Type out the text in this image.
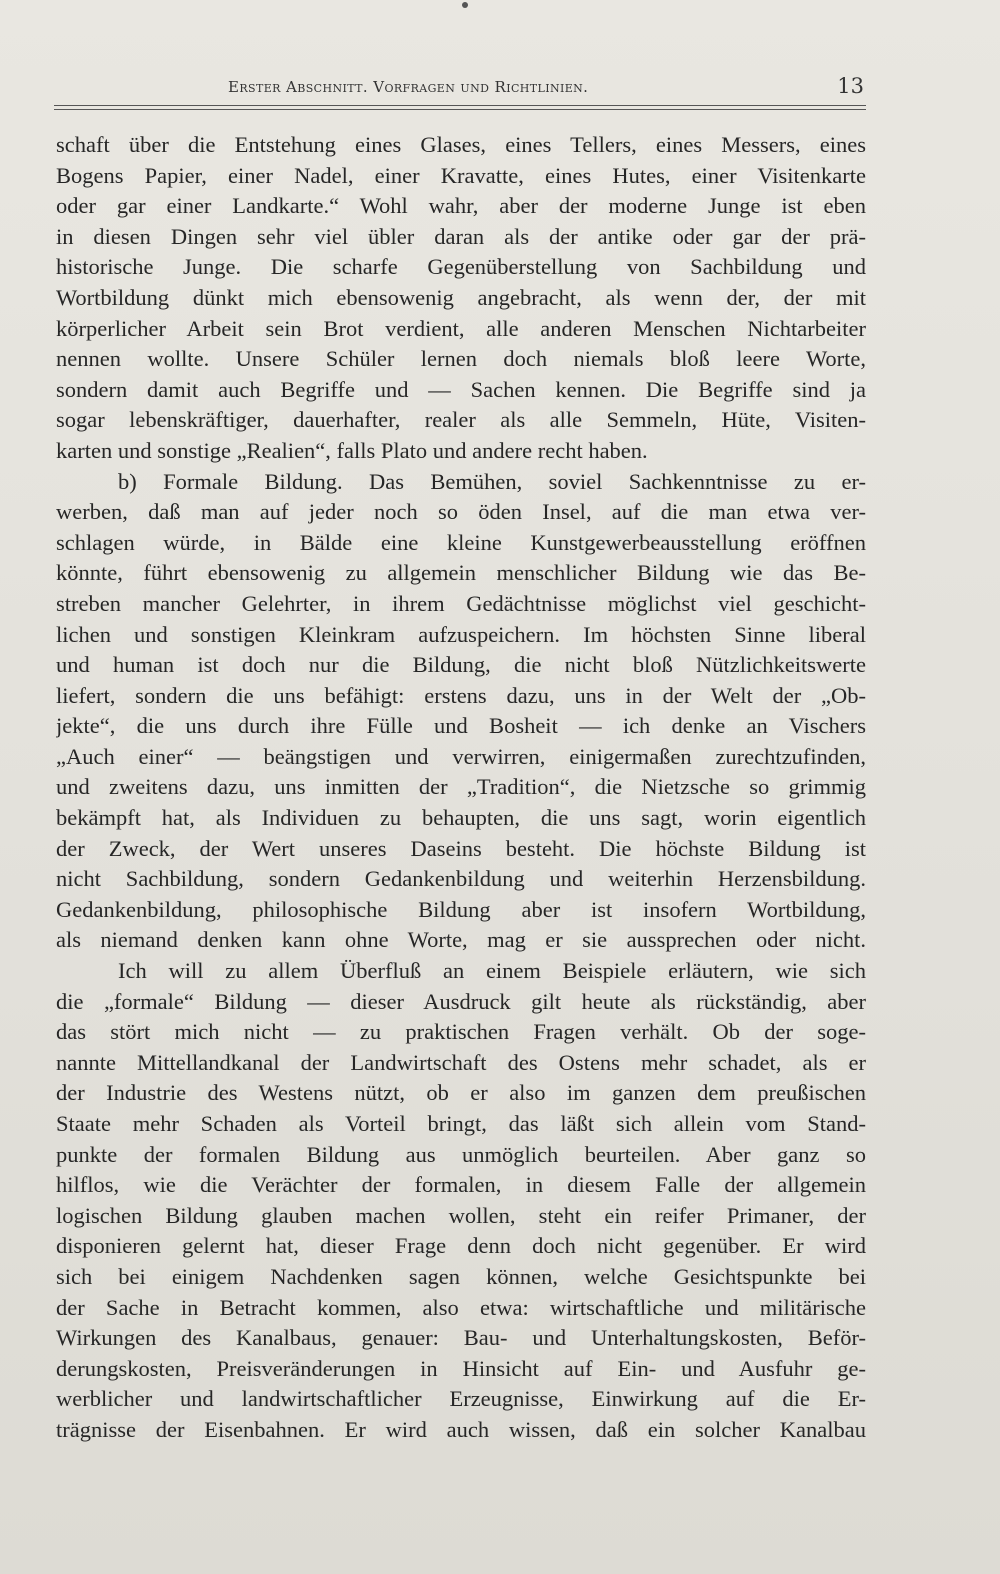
Erster Abschnitt. Vorfragen und Richtlinien.	13
schaft über die Entstehung eines Glases, eines Tellers, eines Messers, eines
Bogens Papier, einer Nadel, einer Kravatte, eines Hutes, einer Visitenkarte
oder gar einer Landkarte.“ Wohl wahr, aber der moderne Junge ist eben
in diesen Dingen sehr viel übler daran als der antike oder gar der prä-
historische Junge. Die scharfe Gegenüberstellung von Sachbildung und
Wortbildung dünkt mich ebensowenig angebracht, als wenn der, der mit
körperlicher Arbeit sein Brot verdient, alle anderen Menschen Nichtarbeiter
nennen wollte. Unsere Schüler lernen doch niemals bloß leere Worte,
sondern damit auch Begriffe und — Sachen kennen. Die Begriffe sind ja
sogar lebenskräftiger, dauerhafter, realer als alle Semmeln, Hüte, Visiten-
karten und sonstige „Realien“, falls Plato und andere recht haben.
b) Formale Bildung. Das Bemühen, soviel Sachkenntnisse zu er-
werben, daß man auf jeder noch so öden Insel, auf die man etwa ver-
schlagen würde, in Bälde eine kleine Kunstgewerbeausstellung eröffnen
könnte, führt ebensowenig zu allgemein menschlicher Bildung wie das Be-
streben mancher Gelehrter, in ihrem Gedächtnisse möglichst viel geschicht-
lichen und sonstigen Kleinkram aufzuspeichern. Im höchsten Sinne liberal
und human ist doch nur die Bildung, die nicht bloß Nützlichkeitswerte
liefert, sondern die uns befähigt: erstens dazu, uns in der Welt der „Ob-
jekte“, die uns durch ihre Fülle und Bosheit — ich denke an Vischers
„Auch einer“ — beängstigen und verwirren, einigermaßen zurechtzufinden,
und zweitens dazu, uns inmitten der „Tradition“, die Nietzsche so grimmig
bekämpft hat, als Individuen zu behaupten, die uns sagt, worin eigentlich
der Zweck, der Wert unseres Daseins besteht. Die höchste Bildung ist
nicht Sachbildung, sondern Gedankenbildung und weiterhin Herzensbildung.
Gedankenbildung, philosophische Bildung aber ist insofern Wortbildung,
als niemand denken kann ohne Worte, mag er sie aussprechen oder nicht.
Ich will zu allem Überfluß an einem Beispiele erläutern, wie sich
die „formale“ Bildung — dieser Ausdruck gilt heute als rückständig, aber
das stört mich nicht — zu praktischen Fragen verhält. Ob der soge-
nannte Mittellandkanal der Landwirtschaft des Ostens mehr schadet, als er
der Industrie des Westens nützt, ob er also im ganzen dem preußischen
Staate mehr Schaden als Vorteil bringt, das läßt sich allein vom Stand-
punkte der formalen Bildung aus unmöglich beurteilen. Aber ganz so
hilflos, wie die Verächter der formalen, in diesem Falle der allgemein
logischen Bildung glauben machen wollen, steht ein reifer Primaner, der
disponieren gelernt hat, dieser Frage denn doch nicht gegenüber. Er wird
sich bei einigem Nachdenken sagen können, welche Gesichtspunkte bei
der Sache in Betracht kommen, also etwa: wirtschaftliche und militärische
Wirkungen des Kanalbaus, genauer: Bau- und Unterhaltungskosten, Beför-
derungskosten, Preisveränderungen in Hinsicht auf Ein- und Ausfuhr ge-
werblicher und landwirtschaftlicher Erzeugnisse, Einwirkung auf die Er-
trägnisse der Eisenbahnen. Er wird auch wissen, daß ein solcher Kanalbau
